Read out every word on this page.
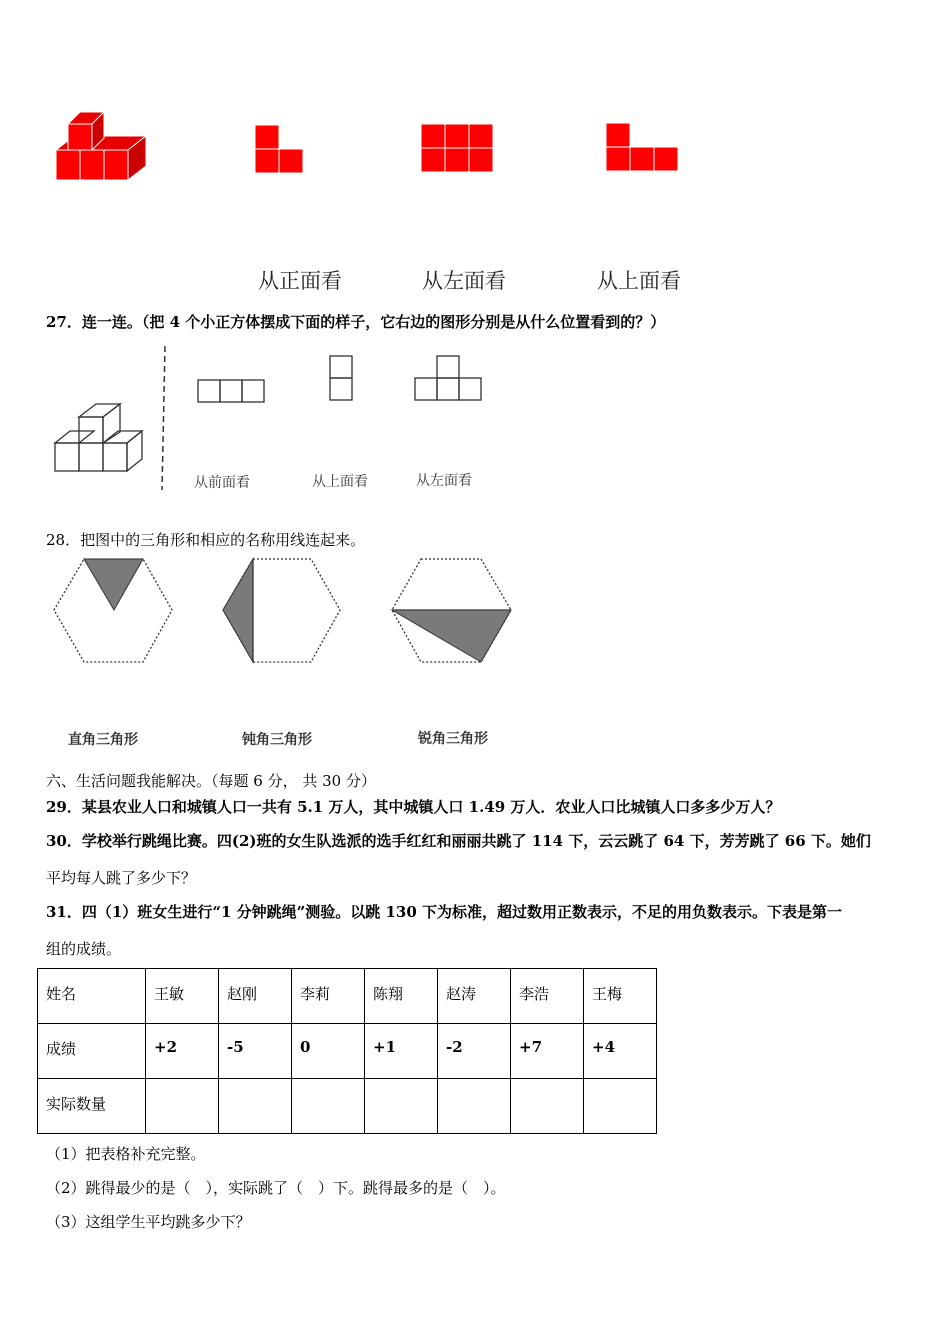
从正面看	从左面看	从上面看
27．连一连。（把 4 个小正方体摆成下面的样子，它右边的图形分别是从什么位置看到的？）
从前面看	从上面看	从左面看
28．把图中的三角形和相应的名称用线连起来。
直角三角形	钝角三角形	锐角三角形
六、生活问题我能解决。（每题 6 分， 共 30 分）
29．某县农业人口和城镇人口一共有 5.1 万人，其中城镇人口 1.49 万人．农业人口比城镇人口多多少万人？
30．学校举行跳绳比赛。四(2)班的女生队选派的选手红红和丽丽共跳了 114 下，云云跳了 64 下，芳芳跳了 66 下。她们
平均每人跳了多少下？
31．四（1）班女生进行“1 分钟跳绳”测验。以跳 130 下为标准，超过数用正数表示，不足的用负数表示。下表是第一
组的成绩。
姓名	王敏	赵刚	李莉	陈翔	赵涛	李浩	王梅
成绩	+2	-5	0	+1	-2	+7	+4
实际数量							
（1）把表格补充完整。
（2）跳得最少的是（　），实际跳了（　）下。跳得最多的是（　）。
（3）这组学生平均跳多少下？
